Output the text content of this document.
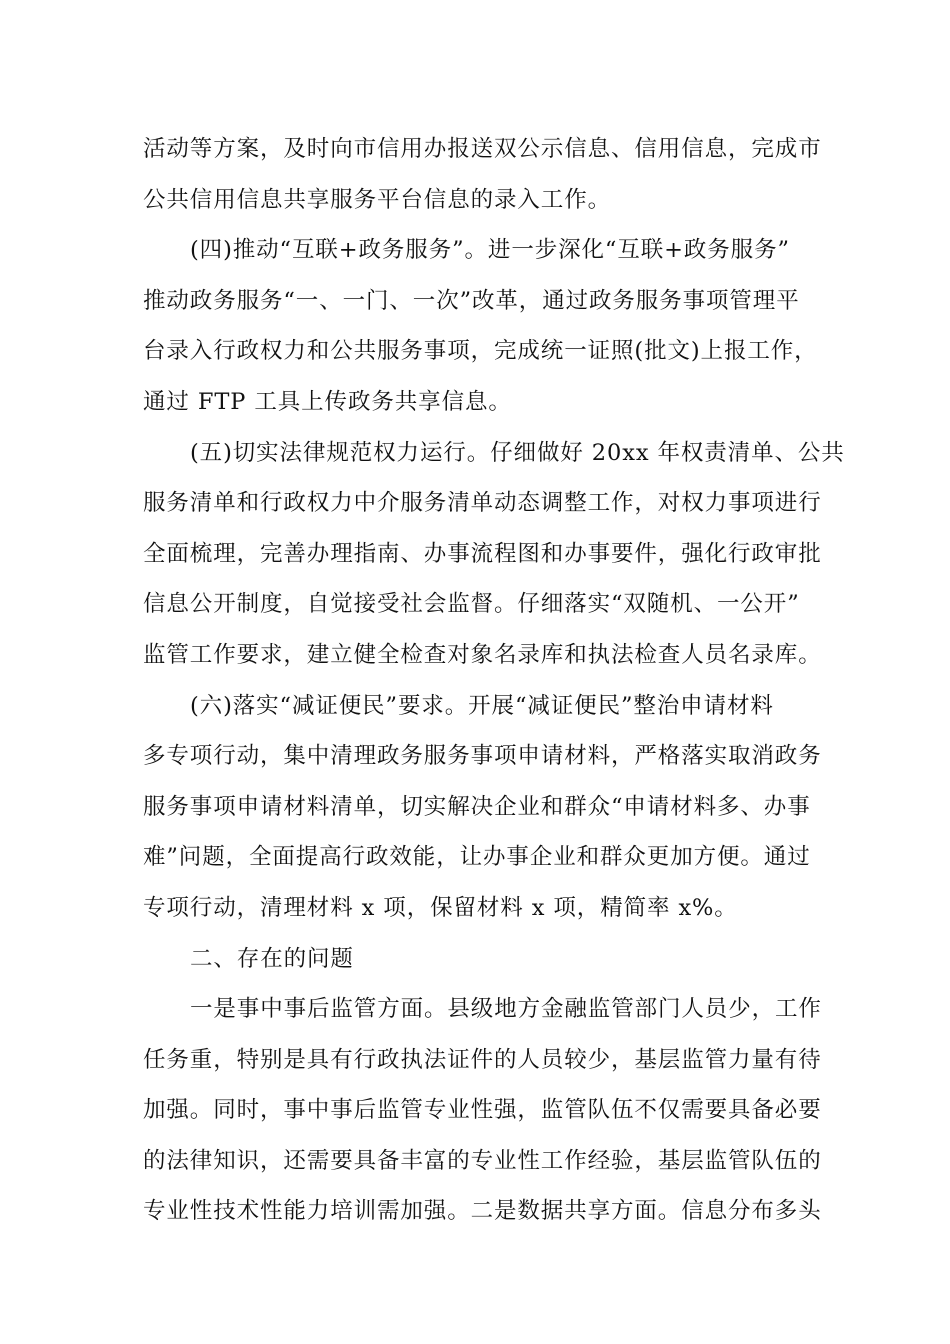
活动等方案，及时向市信用办报送双公示信息、信用信息，完成市
公共信用信息共享服务平台信息的录入工作。
(四)推动“互联+政务服务”。进一步深化“互联+政务服务”
推动政务服务“一、一门、一次”改革，通过政务服务事项管理平
台录入行政权力和公共服务事项，完成统一证照(批文)上报工作，
通过 FTP 工具上传政务共享信息。
(五)切实法律规范权力运行。仔细做好 20xx 年权责清单、公共
服务清单和行政权力中介服务清单动态调整工作，对权力事项进行
全面梳理，完善办理指南、办事流程图和办事要件，强化行政审批
信息公开制度，自觉接受社会监督。仔细落实“双随机、一公开”
监管工作要求，建立健全检查对象名录库和执法检查人员名录库。
(六)落实“减证便民”要求。开展“减证便民”整治申请材料
多专项行动，集中清理政务服务事项申请材料，严格落实取消政务
服务事项申请材料清单，切实解决企业和群众“申请材料多、办事
难”问题，全面提高行政效能，让办事企业和群众更加方便。通过
专项行动，清理材料 x 项，保留材料 x 项，精简率 x%。
二、存在的问题
一是事中事后监管方面。县级地方金融监管部门人员少，工作
任务重，特别是具有行政执法证件的人员较少，基层监管力量有待
加强。同时，事中事后监管专业性强，监管队伍不仅需要具备必要
的法律知识，还需要具备丰富的专业性工作经验，基层监管队伍的
专业性技术性能力培训需加强。二是数据共享方面。信息分布多头
